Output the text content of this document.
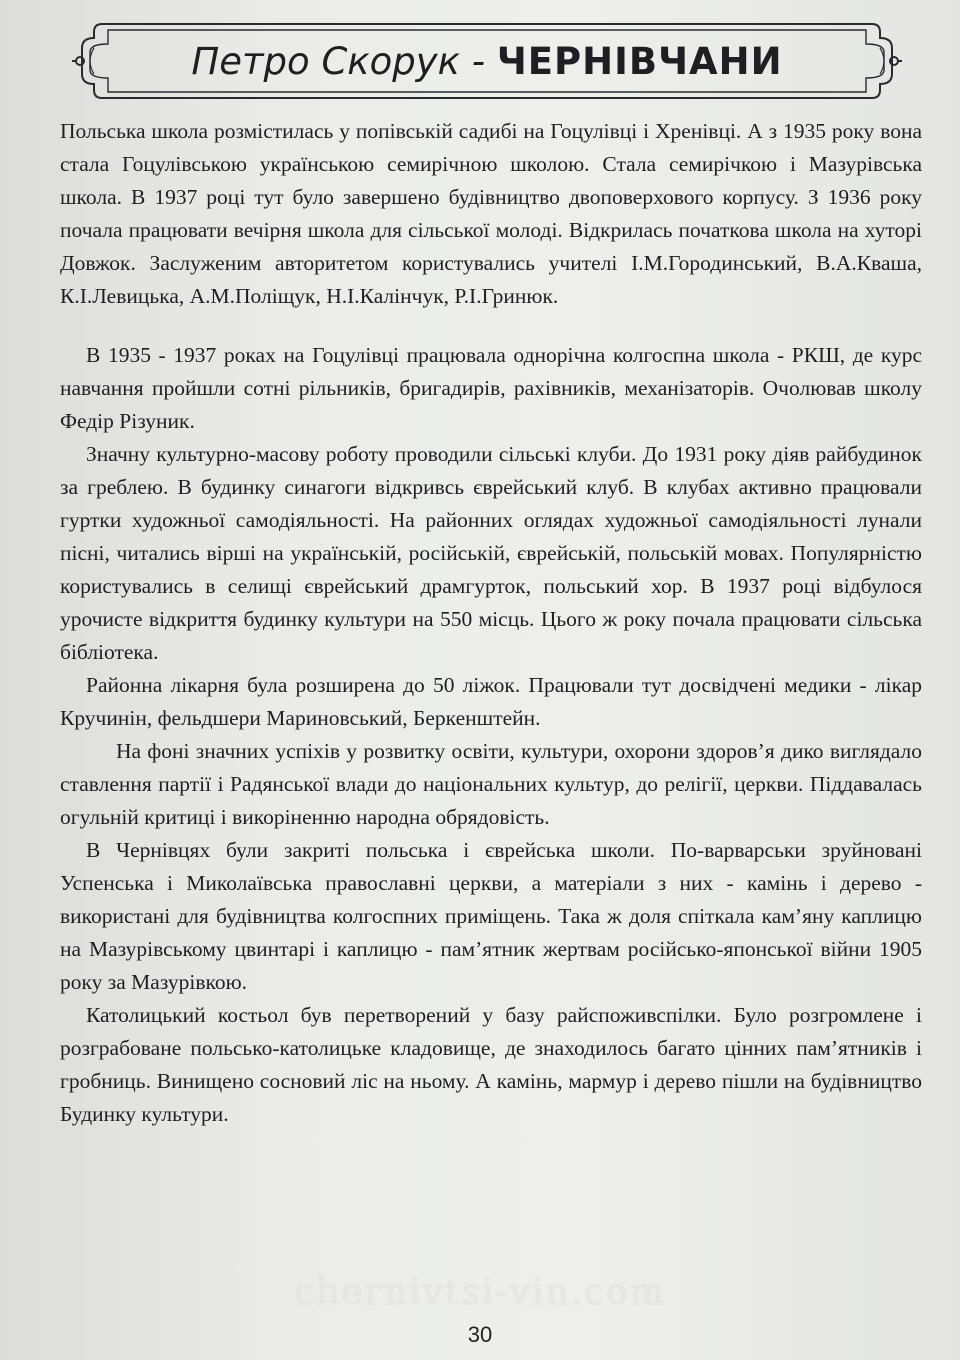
Петро Скорук - ЧЕРНІВЧАНИ

Польська школа розмістилась у попівській садибі на Гоцулівці і Хренівці. А з 1935 року вона стала Гоцулівською українською семирічною школою. Стала семирічкою і Мазурівська школа. В 1937 році тут було завершено будівництво двоповерхового корпусу. З 1936 року почала працювати вечірня школа для сільської молоді. Відкрилась початкова школа на хуторі Довжок. Заслуженим авторитетом користувались учителі І.М.Городинський, В.А.Кваша, К.І.Левицька, А.М.Поліщук, Н.І.Калінчук, Р.І.Гринюк.

В 1935 - 1937 роках на Гоцулівці працювала однорічна колгоспна школа - РКШ, де курс навчання пройшли сотні рільників, бригадирів, рахівників, механізаторів. Очолював школу Федір Різуник.

Значну культурно-масову роботу проводили сільські клуби. До 1931 року діяв райбудинок за греблею. В будинку синагоги відкривсь єврейський клуб. В клубах активно працювали гуртки художньої самодіяльності. На районних оглядах художньої самодіяльності лунали пісні, читались вірші на українській, російській, єврейській, польській мовах. Популярністю користувались в селищі єврейський драмгурток, польський хор. В 1937 році відбулося урочисте відкриття будинку культури на 550 місць. Цього ж року почала працювати сільська бібліотека.

Районна лікарня була розширена до 50 ліжок. Працювали тут досвідчені медики - лікар Кручинін, фельдшери Мариновський, Беркенштейн.

На фоні значних успіхів у розвитку освіти, культури, охорони здоров’я дико виглядало ставлення партії і Радянської влади до національних культур, до релігії, церкви. Піддавалась огульній критиці і викоріненню народна обрядовість.

В Чернівцях були закриті польська і єврейська школи. По-варварськи зруйновані Успенська і Миколаївська православні церкви, а матеріали з них - камінь і дерево - використані для будівництва колгоспних приміщень. Така ж доля спіткала кам’яну каплицю на Мазурівському цвинтарі і каплицю - пам’ятник жертвам російсько-японської війни 1905 року за Мазурівкою.

Католицький костьол був перетворений у базу райспоживспілки. Було розгромлене і розграбоване польсько-католицьке кладовище, де знаходилось багато цінних пам’ятників і гробниць. Винищено сосновий ліс на ньому. А камінь, мармур і дерево пішли на будівництво Будинку культури.

chernivtsi-vin.com
30
